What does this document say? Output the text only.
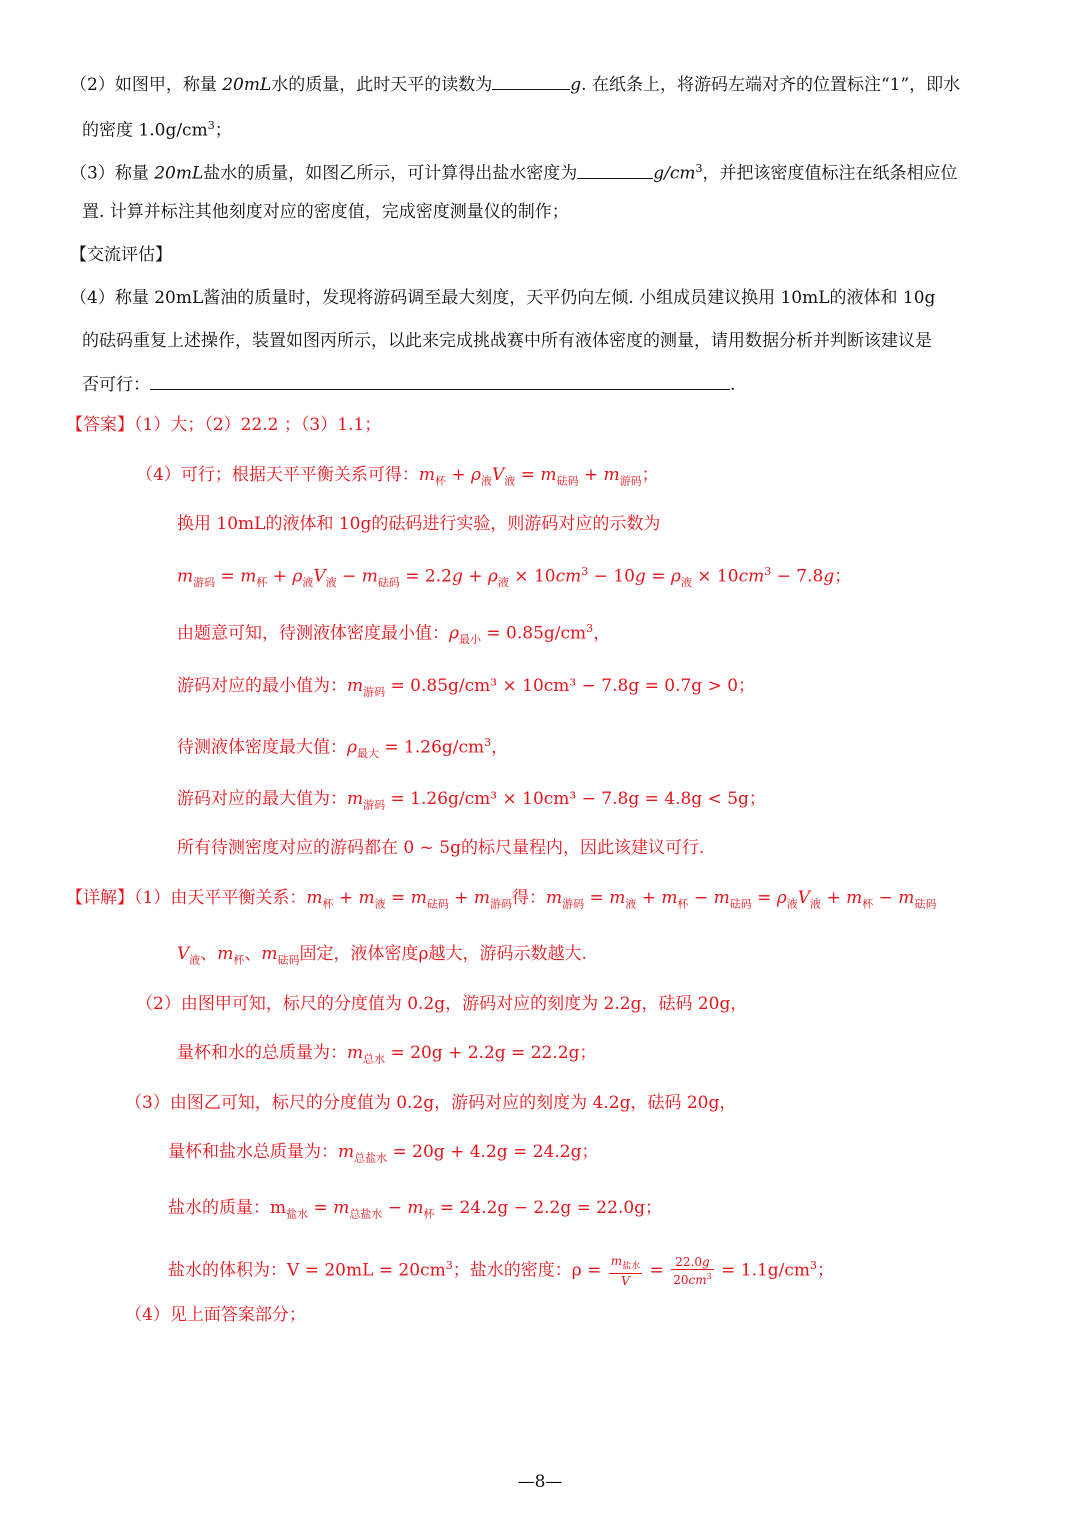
（2）如图甲，称量 20mL水的质量，此时天平的读数为	g. 在纸条上，将游码左端对齐的位置标注“1”，即水
的密度 $1.0g/cm^3$；
（3）称量 20mL盐水的质量，如图乙所示，可计算得出盐水密度为	$g/cm^3$，并把该密度值标注在纸条相应位
置. 计算并标注其他刻度对应的密度值，完成密度测量仪的制作；
【交流评估】
（4）称量 20mL酱油的质量时，发现将游码调至最大刻度，天平仍向左倾. 小组成员建议换用 10mL的液体和 10g
的砝码重复上述操作，装置如图丙所示，以此来完成挑战赛中所有液体密度的测量，请用数据分析并判断该建议是
否可行：	.
【答案】（1）大；（2）22.2 ；（3）1.1；
（4）可行；根据天平平衡关系可得：$m_杯 + \rho_液V_液 = m_{砝码} + m_{游码}$；
换用 10mL的液体和 10g的砝码进行实验，则游码对应的示数为
$m_{游码} = m_杯 + \rho_液V_液 - m_{砝码} = 2.2g + \rho_液 \times 10cm^3 - 10g = \rho_液 \times 10cm^3 - 7.8g$；
由题意可知，待测液体密度最小值：$\rho_{最小} = 0.85g/cm^3$，
游码对应的最小值为：$m_{游码} = 0.85g/cm^3 \times 10cm^3 - 7.8g = 0.7g > 0$；
待测液体密度最大值：$\rho_{最大} = 1.26g/cm^3$，
游码对应的最大值为：$m_{游码} = 1.26g/cm^3 \times 10cm^3 - 7.8g = 4.8g < 5g$；
所有待测密度对应的游码都在 0 ~ 5g的标尺量程内，因此该建议可行.
【详解】（1）由天平平衡关系：$m_杯 + m_液 = m_{砝码} + m_{游码}$得：$m_{游码} = m_液 + m_杯 - m_{砝码} = \rho_液V_液 + m_杯 - m_{砝码}$
$V_液$、$m_杯$、$m_{砝码}$固定，液体密度ρ越大，游码示数越大.
（2）由图甲可知，标尺的分度值为 0.2g，游码对应的刻度为 2.2g，砝码 20g，
量杯和水的总质量为：$m_{总水} = 20g + 2.2g = 22.2g$；
（3）由图乙可知，标尺的分度值为 0.2g，游码对应的刻度为 4.2g，砝码 20g，
量杯和盐水总质量为：$m_{总盐水} = 20g + 4.2g = 24.2g$；
盐水的质量：$m_{盐水} = m_{总盐水} - m_杯 = 24.2g - 2.2g = 22.0g$；
盐水的体积为：$V = 20mL = 20cm^3$；盐水的密度：$\rho = \frac{m_{盐水}}{V} = \frac{22.0g}{20cm^3} = 1.1g/cm^3$；
（4）见上面答案部分；
—8—
